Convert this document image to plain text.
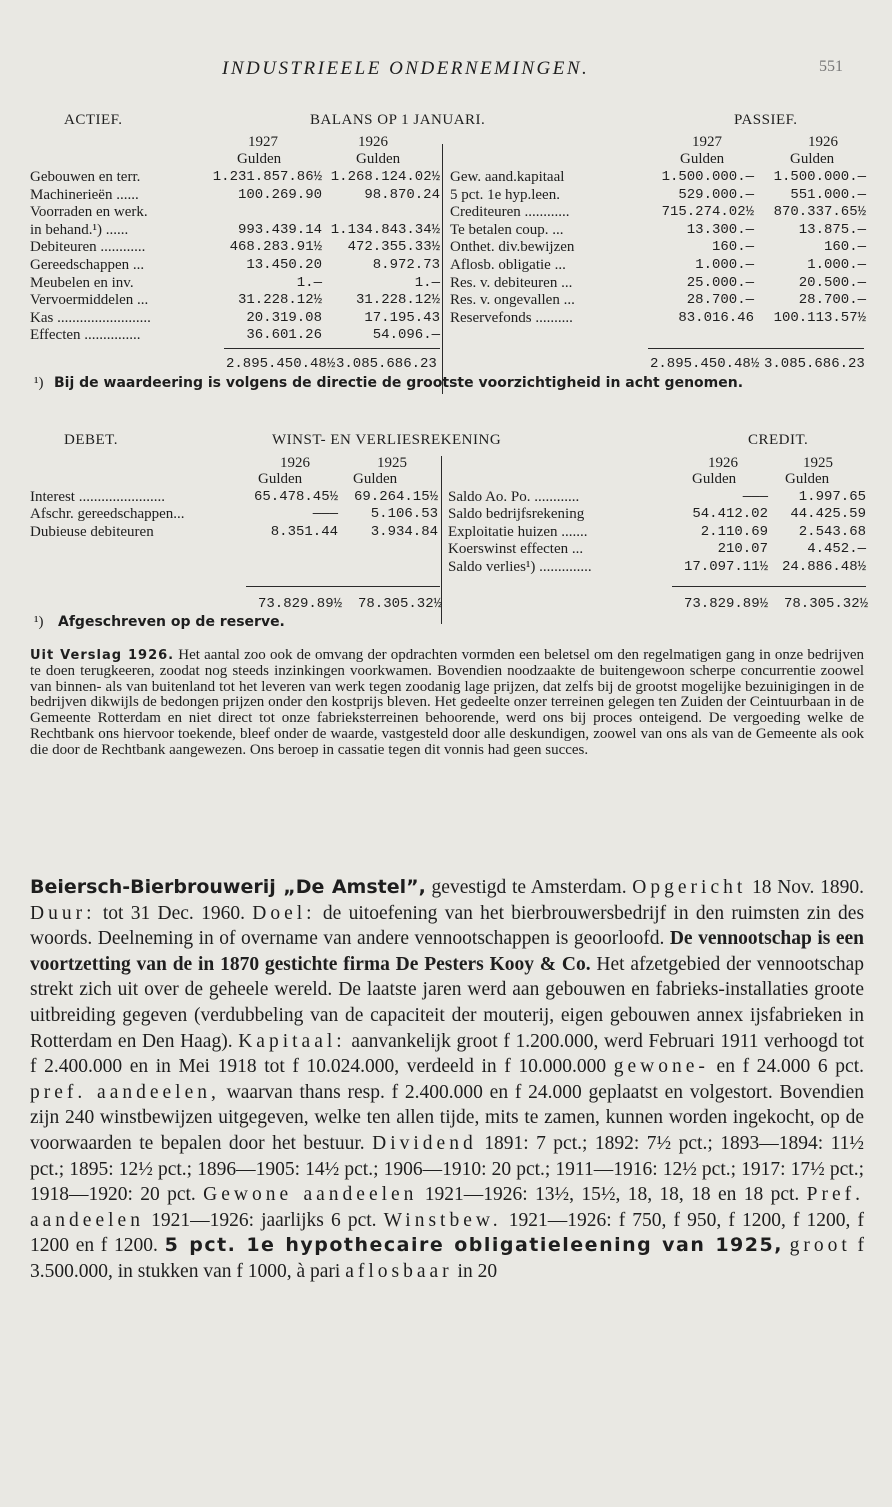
INDUSTRIEELE ONDERNEMINGEN.	551
ACTIEF.	BALANS OP 1 JANUARI.	PASSIEF.
1927	1926
Gulden	Gulden
1927	1926
Gulden	Gulden
Gebouwen en terr.	1.231.857.86½ 1.268.124.02½
Machinerieën ......	100.269.90	98.870.24
Voorraden en werk.
in behand.¹) ......	993.439.14 1.134.843.34½
Debiteuren ............	468.283.91½	472.355.33½
Gereedschappen ...	13.450.20	8.972.73
Meubelen en inv.	1.—	1.—
Vervoermiddelen ...	31.228.12½	31.228.12½
Kas .........................	20.319.08	17.195.43
Effecten ...............	36.601.26	54.096.—
Gew. aand.kapitaal	1.500.000.—	1.500.000.—
5 pct. 1e hyp.leen.	529.000.—	551.000.—
Crediteuren ............	715.274.02½	870.337.65½
Te betalen coup. ...	13.300.—	13.875.—
Onthet. div.bewijzen	160.—	160.—
Aflosb. obligatie ...	1.000.—	1.000.—
Res. v. debiteuren ...	25.000.—	20.500.—
Res. v. ongevallen ...	28.700.—	28.700.—
Reservefonds ..........	83.016.46	100.113.57½
2.895.450.48½ 3.085.686.23	2.895.450.48½ 3.085.686.23
¹) Bij de waardeering is volgens de directie de grootste voorzichtigheid in acht genomen.
DEBET.	WINST- EN VERLIESREKENING	CREDIT.
1926	1925
Gulden	Gulden
1926	1925
Gulden	Gulden
Interest .......................	65.478.45½	69.264.15½
Afschr. gereedschappen...	———	5.106.53
Dubieuse debiteuren	8.351.44	3.934.84
Saldo Ao. Po. ............	———	1.997.65
Saldo bedrijfsrekening	54.412.02	44.425.59
Exploitatie huizen .......	2.110.69	2.543.68
Koerswinst effecten ...	210.07	4.452.—
Saldo verlies¹) ..............	17.097.11½ 24.886.48½
73.829.89½ 78.305.32½	73.829.89½ 78.305.32½
¹) Afgeschreven op de reserve.
Uit Verslag 1926. Het aantal zoo ook de omvang der opdrachten vormden een beletsel om den regelmatigen gang in onze bedrijven te doen terugkeeren, zoodat nog steeds inzinkingen voorkwamen. Bovendien noodzaakte de buitengewoon scherpe concurrentie zoowel van binnen- als van buitenland tot het leveren van werk tegen zoodanig lage prijzen, dat zelfs bij de grootst mogelijke bezuinigingen in de bedrijven dikwijls de bedongen prijzen onder den kostprijs bleven. Het gedeelte onzer terreinen gelegen ten Zuiden der Ceintuurbaan in de Gemeente Rotterdam en niet direct tot onze fabrieksterreinen behoorende, werd ons bij proces onteigend. De vergoeding welke de Rechtbank ons hiervoor toekende, bleef onder de waarde, vastgesteld door alle deskundigen, zoowel van ons als van de Gemeente als ook die door de Rechtbank aangewezen. Ons beroep in cassatie tegen dit vonnis had geen succes.
Beiersch-Bierbrouwerij „De Amstel”, gevestigd te Amsterdam. Opgericht 18 Nov. 1890. Duur: tot 31 Dec. 1960. Doel: de uitoefening van het bierbrouwersbedrijf in den ruimsten zin des woords. Deelneming in of overname van andere vennootschappen is geoorloofd. De vennootschap is een voortzetting van de in 1870 gestichte firma De Pesters Kooy & Co. Het afzetgebied der vennootschap strekt zich uit over de geheele wereld. De laatste jaren werd aan gebouwen en fabrieks-installaties groote uitbreiding gegeven (verdubbeling van de capaciteit der mouterij, eigen gebouwen annex ijsfabrieken in Rotterdam en Den Haag). Kapitaal: aanvankelijk groot f 1.200.000, werd Februari 1911 verhoogd tot f 2.400.000 en in Mei 1918 tot f 10.024.000, verdeeld in f 10.000.000 gewone- en f 24.000 6 pct. pref. aandeelen, waarvan thans resp. f 2.400.000 en f 24.000 geplaatst en volgestort. Bovendien zijn 240 winstbewijzen uitgegeven, welke ten allen tijde, mits te zamen, kunnen worden ingekocht, op de voorwaarden te bepalen door het bestuur. Dividend 1891: 7 pct.; 1892: 7½ pct.; 1893—1894: 11½ pct.; 1895: 12½ pct.; 1896—1905: 14½ pct.; 1906—1910: 20 pct.; 1911—1916: 12½ pct.; 1917: 17½ pct.; 1918—1920: 20 pct. Gewone aandeelen 1921—1926: 13½, 15½, 18, 18, 18 en 18 pct. Pref. aandeelen 1921—1926: jaarlijks 6 pct. Winstbew. 1921—1926: f 750, f 950, f 1200, f 1200, f 1200 en f 1200. 5 pct. 1e hypothecaire obligatieleening van 1925, groot f 3.500.000, in stukken van f 1000, à pari aflosbaar in 20
